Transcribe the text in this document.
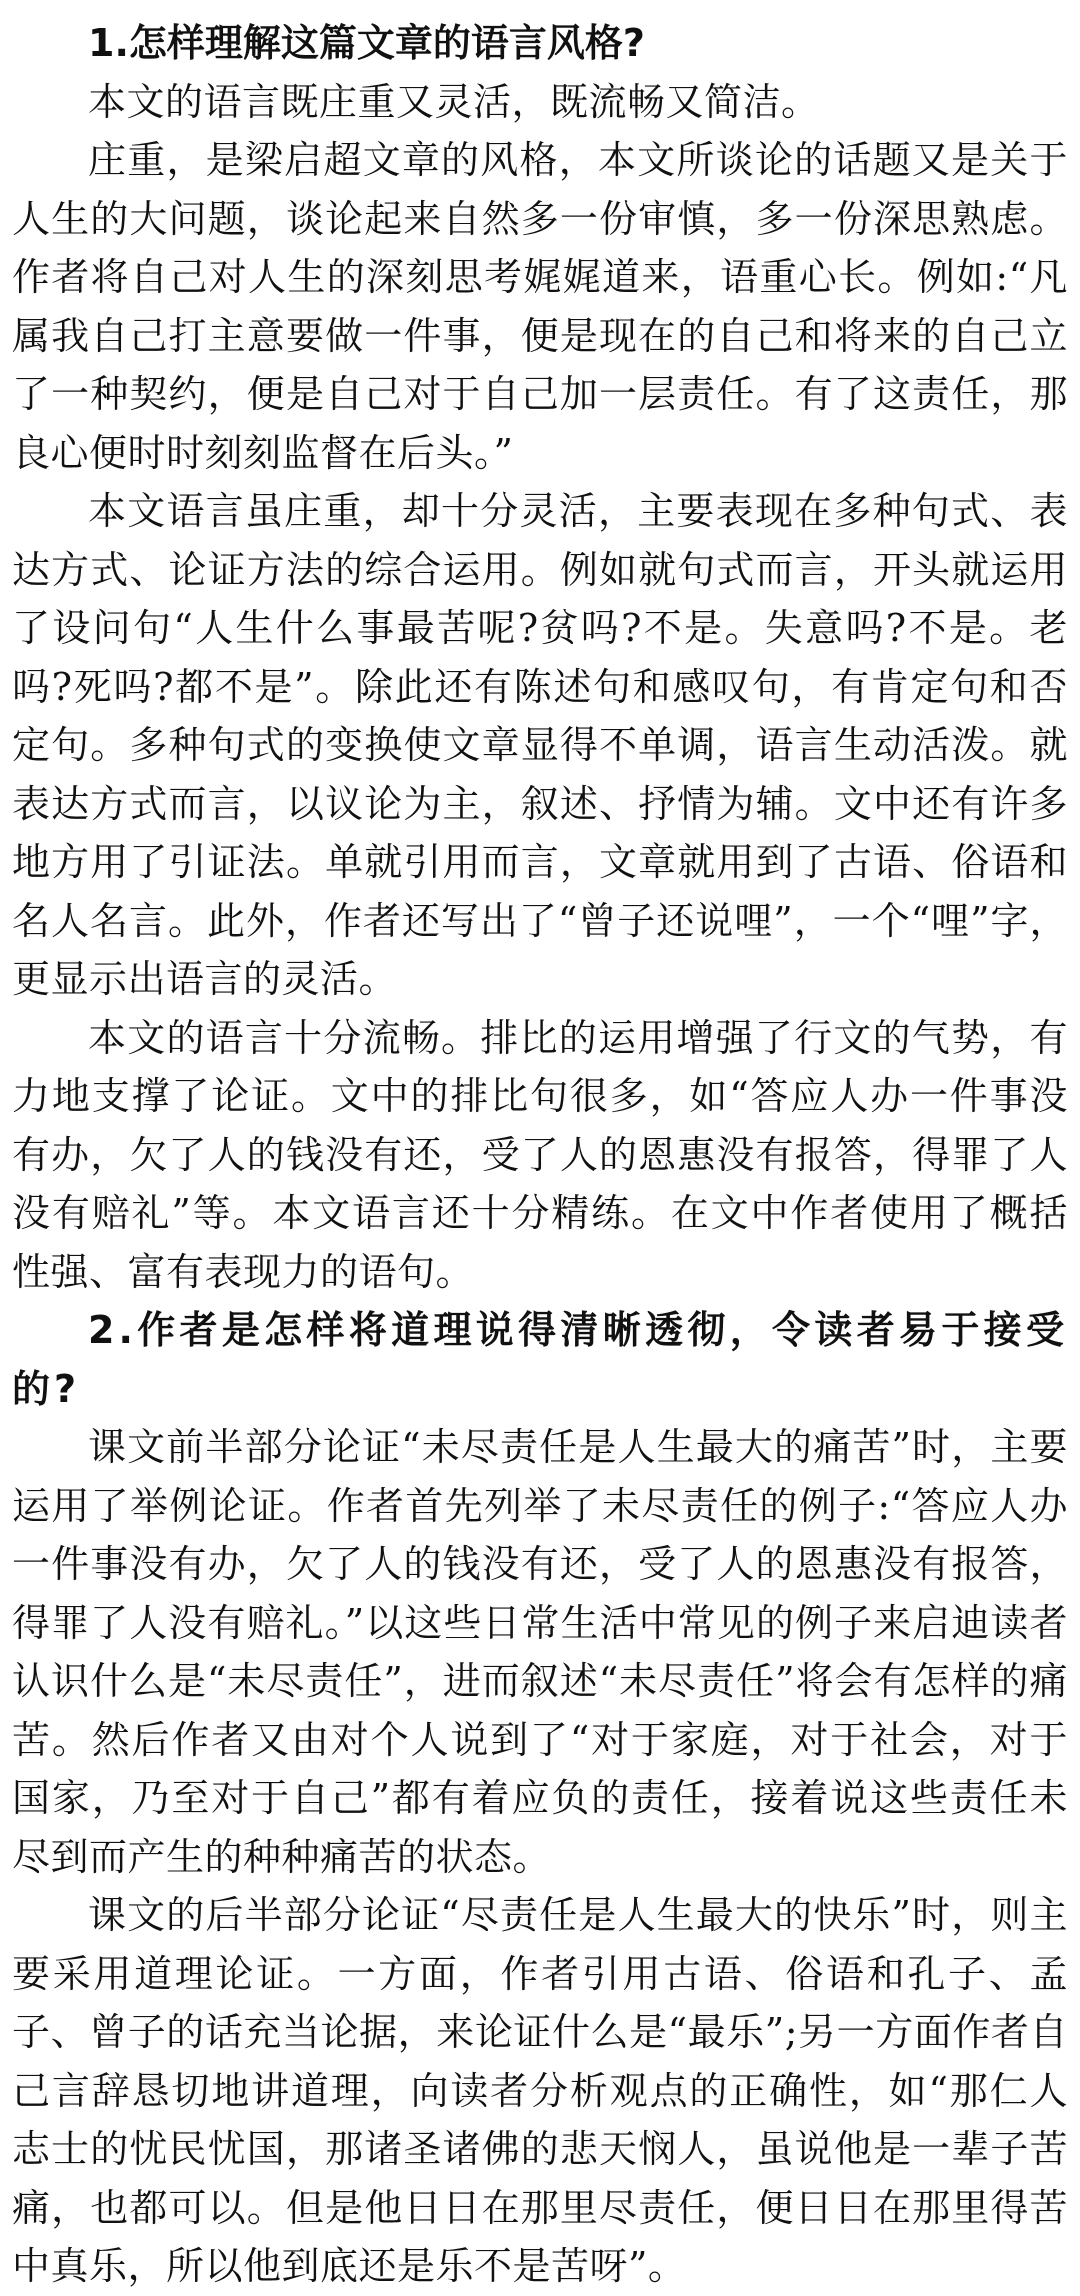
1.怎样理解这篇文章的语言风格?

本文的语言既庄重又灵活，既流畅又简洁。

庄重，是梁启超文章的风格，本文所谈论的话题又是关于人生的大问题，谈论起来自然多一份审慎，多一份深思熟虑。作者将自己对人生的深刻思考娓娓道来，语重心长。例如:“凡属我自己打主意要做一件事，便是现在的自己和将来的自己立了一种契约，便是自己对于自己加一层责任。有了这责任，那良心便时时刻刻监督在后头。”

本文语言虽庄重，却十分灵活，主要表现在多种句式、表达方式、论证方法的综合运用。例如就句式而言，开头就运用了设问句“人生什么事最苦呢?贫吗?不是。失意吗?不是。老吗?死吗?都不是”。除此还有陈述句和感叹句，有肯定句和否定句。多种句式的变换使文章显得不单调，语言生动活泼。就表达方式而言，以议论为主，叙述、抒情为辅。文中还有许多地方用了引证法。单就引用而言，文章就用到了古语、俗语和名人名言。此外，作者还写出了“曾子还说哩”，一个“哩”字，更显示出语言的灵活。

本文的语言十分流畅。排比的运用增强了行文的气势，有力地支撑了论证。文中的排比句很多，如“答应人办一件事没有办，欠了人的钱没有还，受了人的恩惠没有报答，得罪了人没有赔礼”等。本文语言还十分精练。在文中作者使用了概括性强、富有表现力的语句。

2.作者是怎样将道理说得清晰透彻，令读者易于接受的?

课文前半部分论证“未尽责任是人生最大的痛苦”时，主要运用了举例论证。作者首先列举了未尽责任的例子:“答应人办一件事没有办，欠了人的钱没有还，受了人的恩惠没有报答，得罪了人没有赔礼。”以这些日常生活中常见的例子来启迪读者认识什么是“未尽责任”，进而叙述“未尽责任”将会有怎样的痛苦。然后作者又由对个人说到了“对于家庭，对于社会，对于国家，乃至对于自己”都有着应负的责任，接着说这些责任未尽到而产生的种种痛苦的状态。

课文的后半部分论证“尽责任是人生最大的快乐”时，则主要采用道理论证。一方面，作者引用古语、俗语和孔子、孟子、曾子的话充当论据，来论证什么是“最乐”;另一方面作者自己言辞恳切地讲道理，向读者分析观点的正确性，如“那仁人志士的忧民忧国，那诸圣诸佛的悲天悯人，虽说他是一辈子苦痛，也都可以。但是他日日在那里尽责任，便日日在那里得苦中真乐，所以他到底还是乐不是苦呀”。
